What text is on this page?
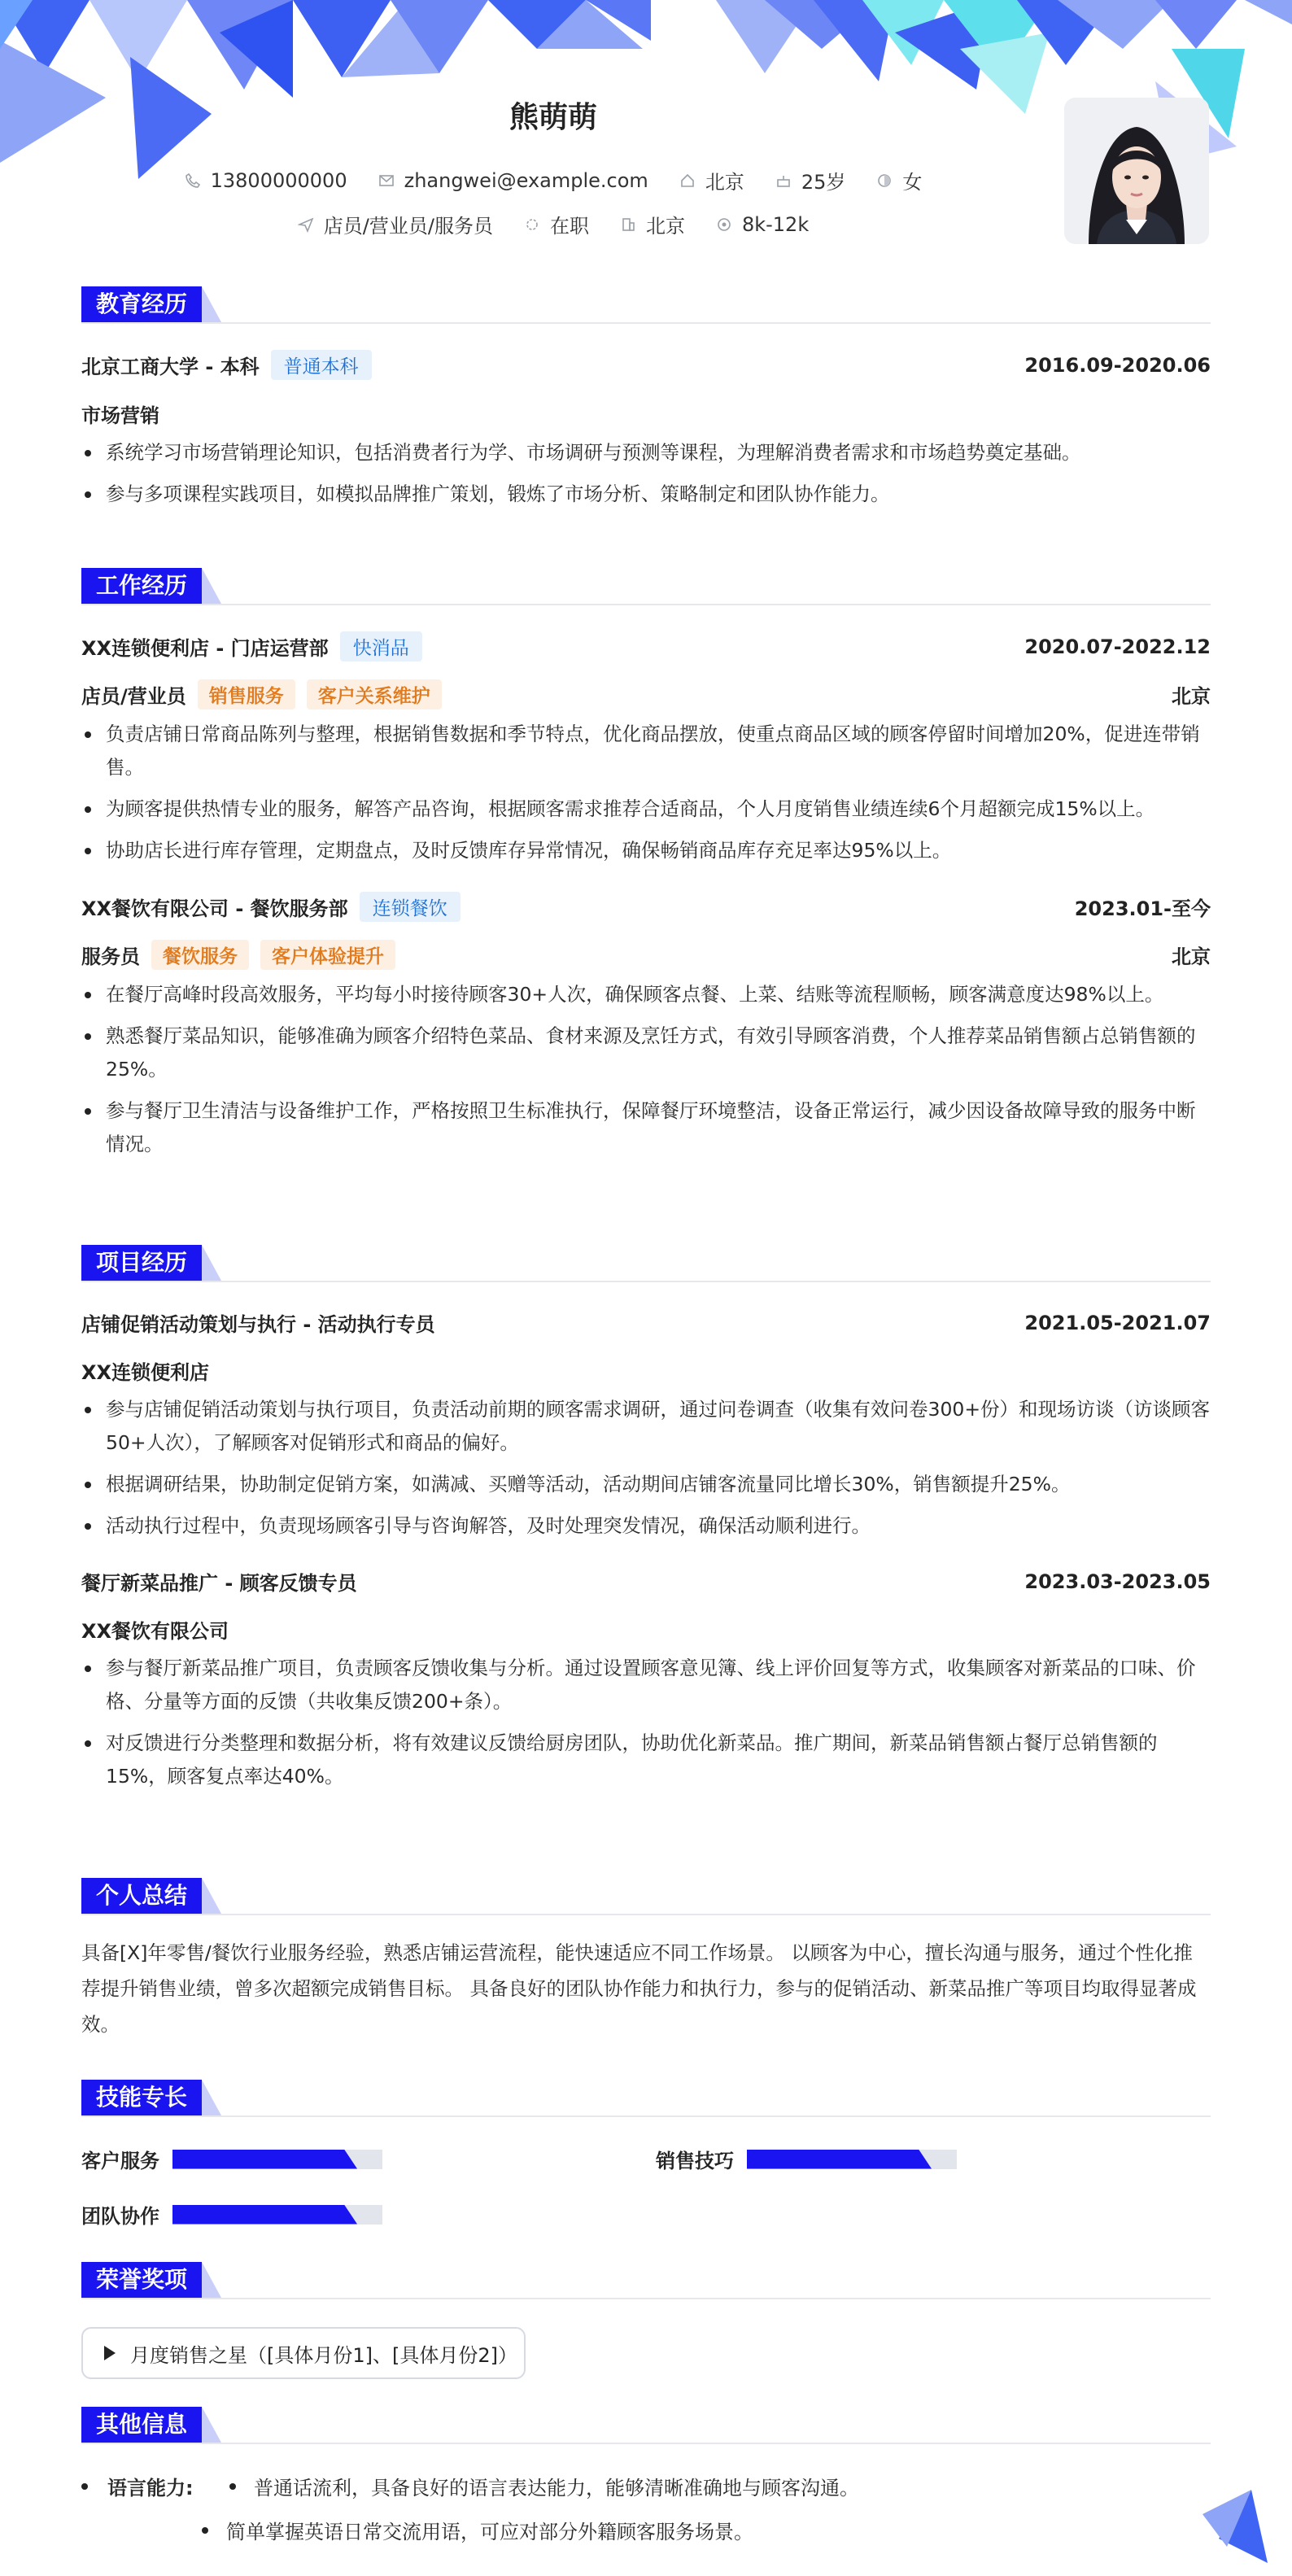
熊萌萌
13800000000	zhangwei@example.com	北京	25岁	女
店员/营业员/服务员	在职	北京	8k-12k
教育经历
北京工商大学 - 本科	普通本科	2016.09-2020.06
市场营销
系统学习市场营销理论知识，包括消费者行为学、市场调研与预测等课程，为理解消费者需求和市场趋势奠定基础。
参与多项课程实践项目，如模拟品牌推广策划，锻炼了市场分析、策略制定和团队协作能力。
工作经历
XX连锁便利店 - 门店运营部	快消品	2020.07-2022.12
店员/营业员	销售服务	客户关系维护	北京
负责店铺日常商品陈列与整理，根据销售数据和季节特点，优化商品摆放，使重点商品区域的顾客停留时间增加20%，促进连带销售。
为顾客提供热情专业的服务，解答产品咨询，根据顾客需求推荐合适商品，个人月度销售业绩连续6个月超额完成15%以上。
协助店长进行库存管理，定期盘点，及时反馈库存异常情况，确保畅销商品库存充足率达95%以上。
XX餐饮有限公司 - 餐饮服务部	连锁餐饮	2023.01-至今
服务员	餐饮服务	客户体验提升	北京
在餐厅高峰时段高效服务，平均每小时接待顾客30+人次，确保顾客点餐、上菜、结账等流程顺畅，顾客满意度达98%以上。
熟悉餐厅菜品知识，能够准确为顾客介绍特色菜品、食材来源及烹饪方式，有效引导顾客消费，个人推荐菜品销售额占总销售额的25%。
参与餐厅卫生清洁与设备维护工作，严格按照卫生标准执行，保障餐厅环境整洁，设备正常运行，减少因设备故障导致的服务中断情况。
项目经历
店铺促销活动策划与执行 - 活动执行专员	2021.05-2021.07
XX连锁便利店
参与店铺促销活动策划与执行项目，负责活动前期的顾客需求调研，通过问卷调查（收集有效问卷300+份）和现场访谈（访谈顾客50+人次），了解顾客对促销形式和商品的偏好。
根据调研结果，协助制定促销方案，如满减、买赠等活动，活动期间店铺客流量同比增长30%，销售额提升25%。
活动执行过程中，负责现场顾客引导与咨询解答，及时处理突发情况，确保活动顺利进行。
餐厅新菜品推广 - 顾客反馈专员	2023.03-2023.05
XX餐饮有限公司
参与餐厅新菜品推广项目，负责顾客反馈收集与分析。通过设置顾客意见簿、线上评价回复等方式，收集顾客对新菜品的口味、价格、分量等方面的反馈（共收集反馈200+条）。
对反馈进行分类整理和数据分析，将有效建议反馈给厨房团队，协助优化新菜品。推广期间，新菜品销售额占餐厅总销售额的15%，顾客复点率达40%。
个人总结
具备[X]年零售/餐饮行业服务经验，熟悉店铺运营流程，能快速适应不同工作场景。 以顾客为中心，擅长沟通与服务，通过个性化推荐提升销售业绩，曾多次超额完成销售目标。 具备良好的团队协作能力和执行力，参与的促销活动、新菜品推广等项目均取得显著成效。
技能专长
客户服务	销售技巧
团队协作
荣誉奖项
月度销售之星（[具体月份1]、[具体月份2]）
其他信息
语言能力:	普通话流利，具备良好的语言表达能力，能够清晰准确地与顾客沟通。
简单掌握英语日常交流用语，可应对部分外籍顾客服务场景。
